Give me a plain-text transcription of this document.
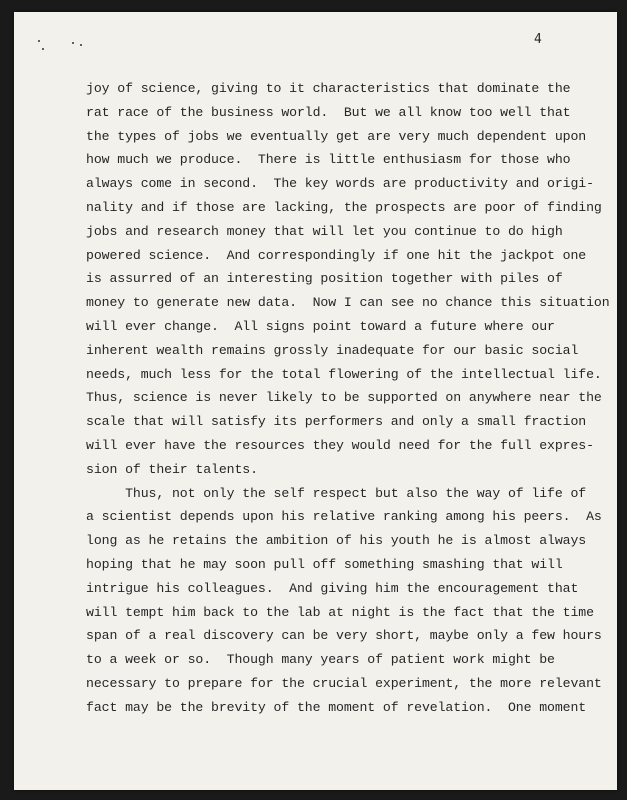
4
joy of science, giving to it characteristics that dominate the
rat race of the business world.  But we all know too well that
the types of jobs we eventually get are very much dependent upon
how much we produce.  There is little enthusiasm for those who
always come in second.  The key words are productivity and origi-
nality and if those are lacking, the prospects are poor of finding
jobs and research money that will let you continue to do high
powered science.  And correspondingly if one hit the jackpot one
is assurred of an interesting position together with piles of
money to generate new data.  Now I can see no chance this situation
will ever change.  All signs point toward a future where our
inherent wealth remains grossly inadequate for our basic social
needs, much less for the total flowering of the intellectual life.
Thus, science is never likely to be supported on anywhere near the
scale that will satisfy its performers and only a small fraction
will ever have the resources they would need for the full expres-
sion of their talents.
Thus, not only the self respect but also the way of life of
a scientist depends upon his relative ranking among his peers.  As
long as he retains the ambition of his youth he is almost always
hoping that he may soon pull off something smashing that will
intrigue his colleagues.  And giving him the encouragement that
will tempt him back to the lab at night is the fact that the time
span of a real discovery can be very short, maybe only a few hours
to a week or so.  Though many years of patient work might be
necessary to prepare for the crucial experiment, the more relevant
fact may be the brevity of the moment of revelation.  One moment
